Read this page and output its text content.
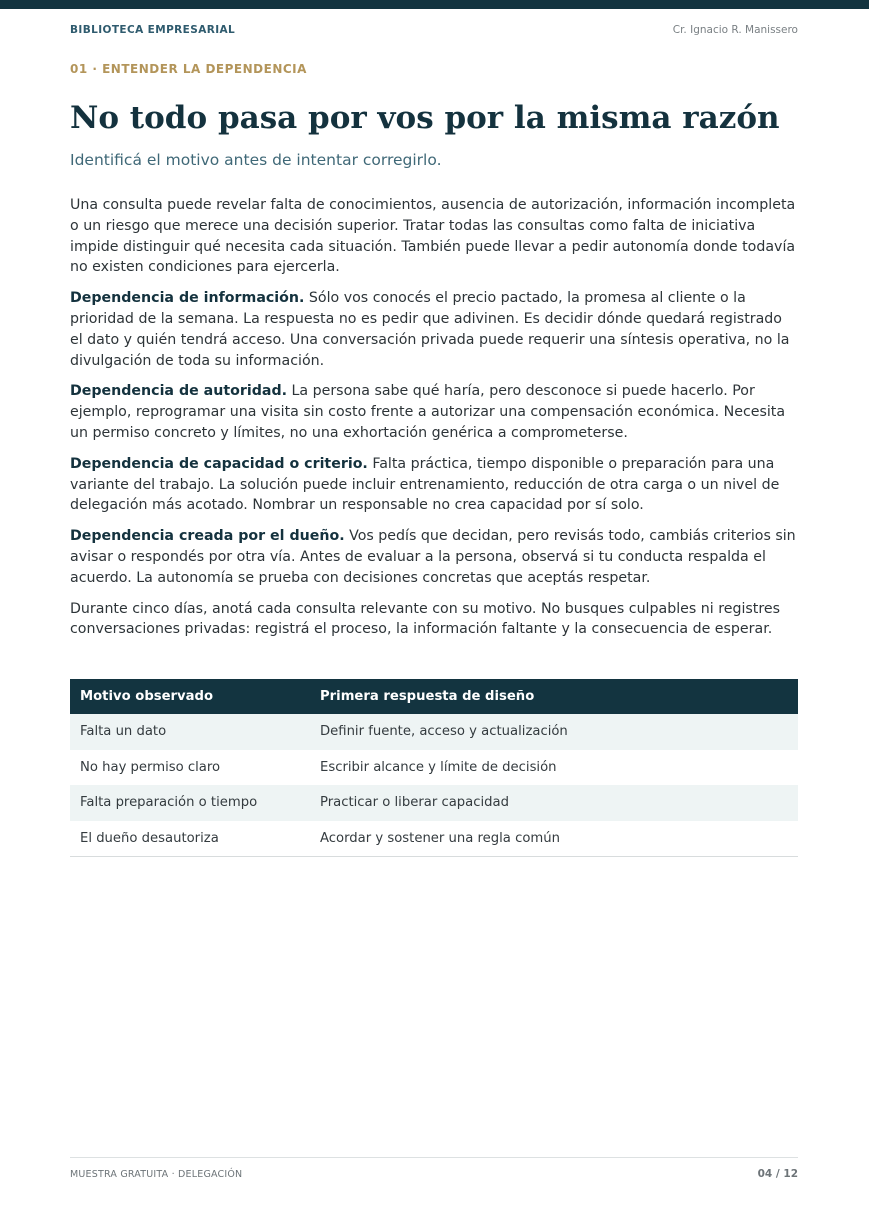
BIBLIOTECA EMPRESARIAL	Cr. Ignacio R. Manissero
01 · ENTENDER LA DEPENDENCIA
No todo pasa por vos por la misma razón

Identificá el motivo antes de intentar corregirlo.

Una consulta puede revelar falta de conocimientos, ausencia de autorización, información incompleta o un riesgo que merece una decisión superior. Tratar todas las consultas como falta de iniciativa impide distinguir qué necesita cada situación. También puede llevar a pedir autonomía donde todavía no existen condiciones para ejercerla.

Dependencia de información. Sólo vos conocés el precio pactado, la promesa al cliente o la prioridad de la semana. La respuesta no es pedir que adivinen. Es decidir dónde quedará registrado el dato y quién tendrá acceso. Una conversación privada puede requerir una síntesis operativa, no la divulgación de toda su información.

Dependencia de autoridad. La persona sabe qué haría, pero desconoce si puede hacerlo. Por ejemplo, reprogramar una visita sin costo frente a autorizar una compensación económica. Necesita un permiso concreto y límites, no una exhortación genérica a comprometerse.

Dependencia de capacidad o criterio. Falta práctica, tiempo disponible o preparación para una variante del trabajo. La solución puede incluir entrenamiento, reducción de otra carga o un nivel de delegación más acotado. Nombrar un responsable no crea capacidad por sí solo.

Dependencia creada por el dueño. Vos pedís que decidan, pero revisás todo, cambiás criterios sin avisar o respondés por otra vía. Antes de evaluar a la persona, observá si tu conducta respalda el acuerdo. La autonomía se prueba con decisiones concretas que aceptás respetar.

Durante cinco días, anotá cada consulta relevante con su motivo. No busques culpables ni registres conversaciones privadas: registrá el proceso, la información faltante y la consecuencia de esperar.

Motivo observado	Primera respuesta de diseño
Falta un dato	Definir fuente, acceso y actualización
No hay permiso claro	Escribir alcance y límite de decisión
Falta preparación o tiempo	Practicar o liberar capacidad
El dueño desautoriza	Acordar y sostener una regla común
MUESTRA GRATUITA · DELEGACIÓN	04 / 12
